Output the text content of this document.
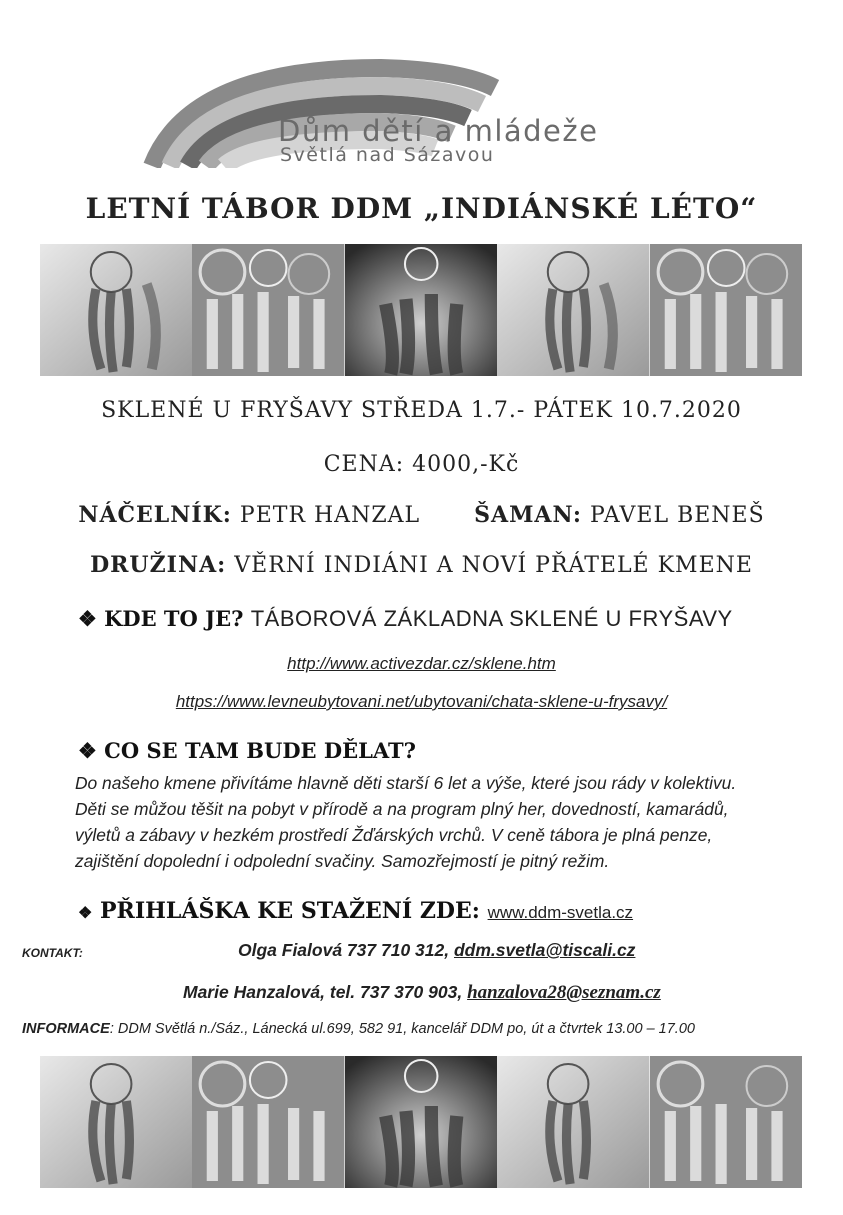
Dům dětí a mládeže
Světlá nad Sázavou
LETNÍ TÁBOR DDM „INDIÁNSKÉ LÉTO“
SKLENÉ U FRYŠAVY STŘEDA 1.7.- PÁTEK 10.7.2020
CENA: 4000,-Kč
NÁČELNÍK: PETR HANZAL ŠAMAN: PAVEL BENEŠ
DRUŽINA: VĚRNÍ INDIÁNI A NOVÍ PŘÁTELÉ KMENE
❖ KDE TO JE? TÁBOROVÁ ZÁKLADNA SKLENÉ U FRYŠAVY
http://www.activezdar.cz/sklene.htm
https://www.levneubytovani.net/ubytovani/chata-sklene-u-frysavy/
❖ CO SE TAM BUDE DĚLAT?
Do našeho kmene přivítáme hlavně děti starší 6 let a výše, které jsou rády v kolektivu.
Děti se můžou těšit na pobyt v přírodě a na program plný her, dovedností, kamarádů,
výletů a zábavy v hezkém prostředí Žďárských vrchů. V ceně tábora je plná penze,
zajištění dopolední i odpolední svačiny. Samozřejmostí je pitný režim.
❖ PŘIHLÁŠKA KE STAŽENÍ ZDE: www.ddm-svetla.cz
KONTAKT:	Olga Fialová 737 710 312, ddm.svetla@tiscali.cz
Marie Hanzalová, tel. 737 370 903, hanzalova28@seznam.cz
INFORMACE: DDM Světlá n./Sáz., Lánecká ul.699, 582 91, kancelář DDM po, út a čtvrtek 13.00 – 17.00
